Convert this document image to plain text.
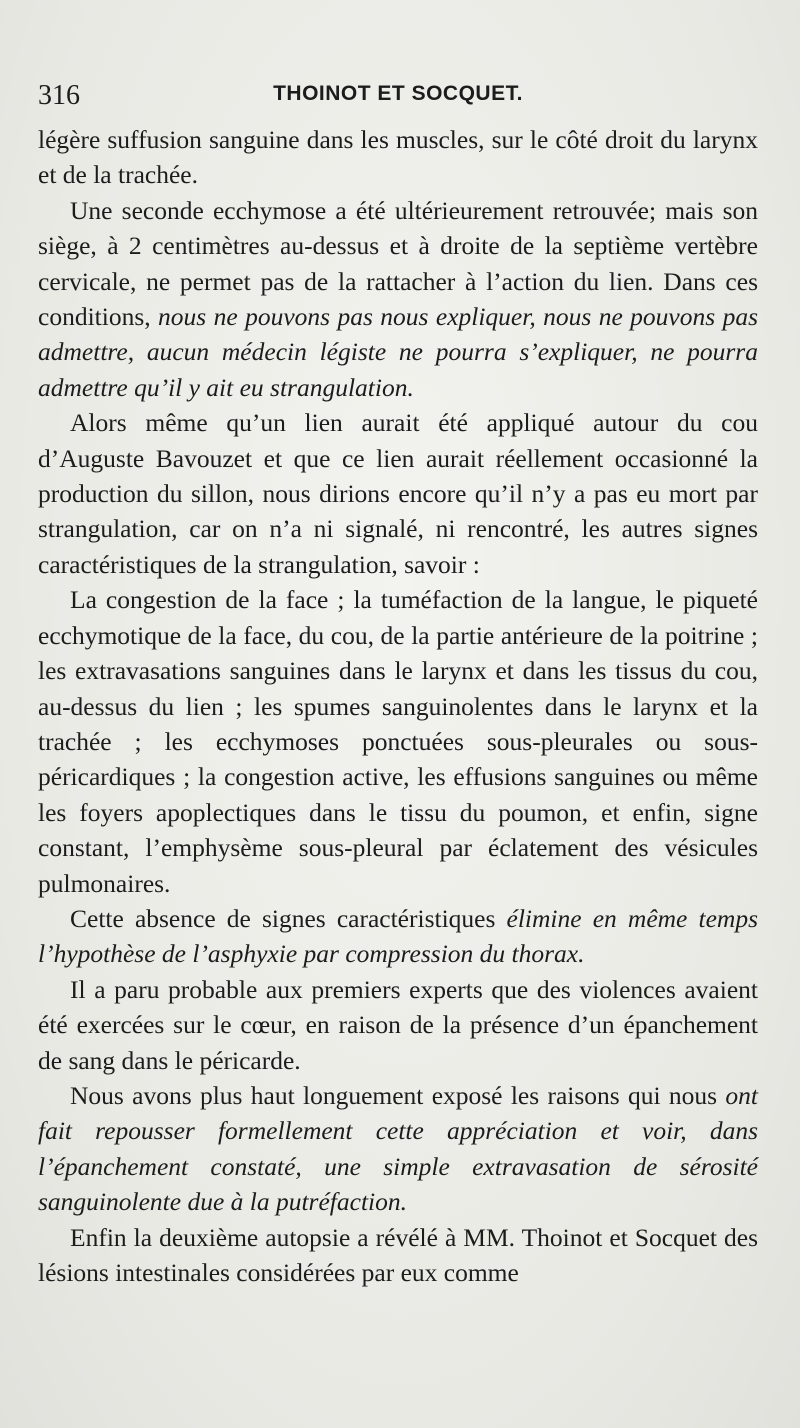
316	THOINOT ET SOCQUET.

légère suffusion sanguine dans les muscles, sur le côté droit du larynx et de la trachée.

Une seconde ecchymose a été ultérieurement retrouvée; mais son siège, à 2 centimètres au-dessus et à droite de la septième vertèbre cervicale, ne permet pas de la rattacher à l’action du lien. Dans ces conditions, nous ne pouvons pas nous expliquer, nous ne pouvons pas admettre, aucun médecin légiste ne pourra s’expliquer, ne pourra admettre qu’il y ait eu strangulation.

Alors même qu’un lien aurait été appliqué autour du cou d’Auguste Bavouzet et que ce lien aurait réellement occasionné la production du sillon, nous dirions encore qu’il n’y a pas eu mort par strangulation, car on n’a ni signalé, ni rencontré, les autres signes caractéristiques de la strangulation, savoir :

La congestion de la face ; la tuméfaction de la langue, le piqueté ecchymotique de la face, du cou, de la partie antérieure de la poitrine ; les extravasations sanguines dans le larynx et dans les tissus du cou, au-dessus du lien ; les spumes sanguinolentes dans le larynx et la trachée ; les ecchymoses ponctuées sous-pleurales ou sous-péricardiques ; la congestion active, les effusions sanguines ou même les foyers apoplectiques dans le tissu du poumon, et enfin, signe constant, l’emphysème sous-pleural par éclatement des vésicules pulmonaires.

Cette absence de signes caractéristiques élimine en même temps l’hypothèse de l’asphyxie par compression du thorax.

Il a paru probable aux premiers experts que des violences avaient été exercées sur le cœur, en raison de la présence d’un épanchement de sang dans le péricarde.

Nous avons plus haut longuement exposé les raisons qui nous ont fait repousser formellement cette appréciation et voir, dans l’épanchement constaté, une simple extravasation de sérosité sanguinolente due à la putréfaction.

Enfin la deuxième autopsie a révélé à MM. Thoinot et Socquet des lésions intestinales considérées par eux comme
